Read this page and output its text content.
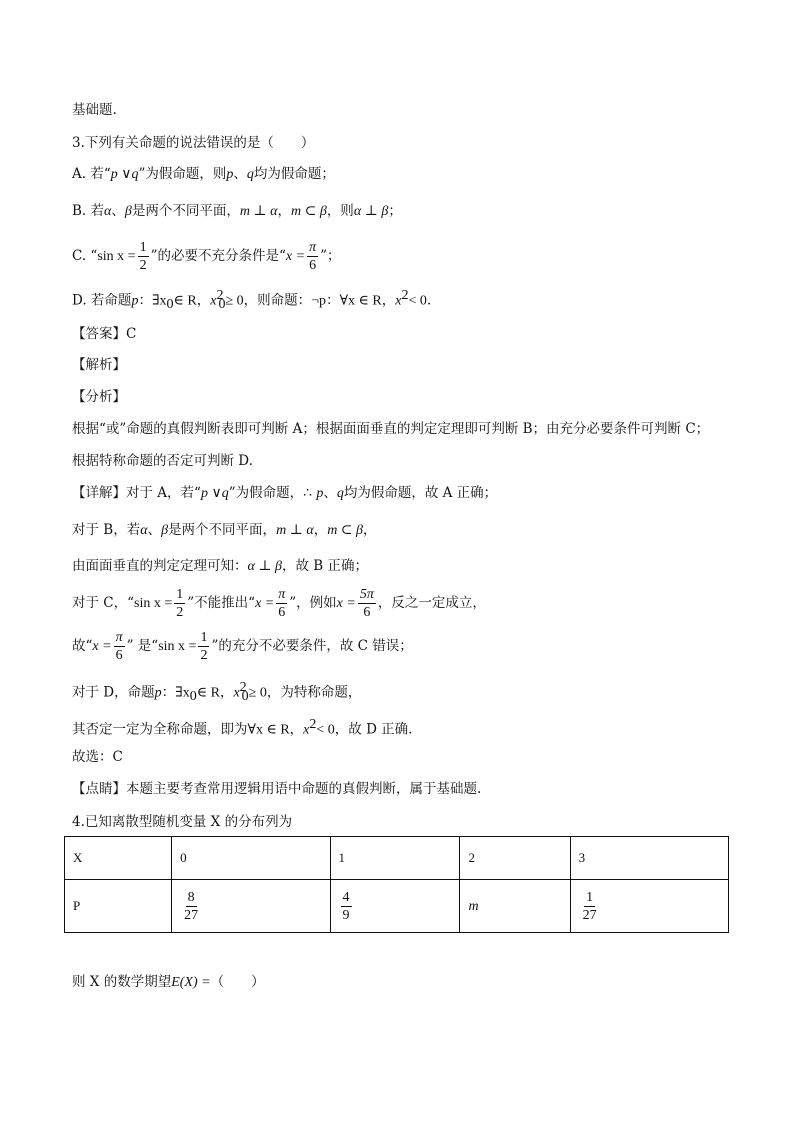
基础题.
3.下列有关命题的说法错误的是（　　）
A. 若“p ∨q”为假命题，则p、q均为假命题；
B. 若α、β是两个不同平面，m ⊥ α，m ⊂ β，则α ⊥ β；
C. “sin $x = \frac{1}{2}$ ”的必要不充分条件是“$x = \frac{\pi}{6}$ ”；
D. 若命题p：$\exists x_0\in$ R，$x^2_0\ge 0$，则命题：¬p：∀x ∈ R，$x^2< 0$.
【答案】C
【解析】
【分析】
根据“或”命题的真假判断表即可判断 A；根据面面垂直的判定定理即可判断 B；由充分必要条件可判断 C；
根据特称命题的否定可判断 D.
【详解】对于 A，若“p ∨q”为假命题，∴ p、q均为假命题，故 A 正确；
对于 B，若α、β是两个不同平面，m ⊥ α，m ⊂ β，
由面面垂直的判定定理可知：α ⊥ β，故 B 正确；
对于 C，“sin $x = \frac{1}{2}$ ”不能推出“$x = \frac{\pi}{6}$ ”，例如$x = \frac{5\pi}{6}$ ，反之一定成立，
故“$x = \frac{\pi}{6}$ ” 是“sin $x = \frac{1}{2}$ ”的充分不必要条件，故 C 错误；
对于 D，命题p：$\exists x_0\in$ R，$x^2_0\ge 0$，为特称命题，
其否定一定为全称命题，即为∀x ∈ R，$x^2< 0$，故 D 正确.
故选：C
【点睛】本题主要考查常用逻辑用语中命题的真假判断，属于基础题.
4.已知离散型随机变量 X 的分布列为
X	0	1	2	3
P	$\frac{8}{27}$	$\frac{4}{9}$	m	$\frac{1}{27}$
则 X 的数学期望E(X) =（　　）
